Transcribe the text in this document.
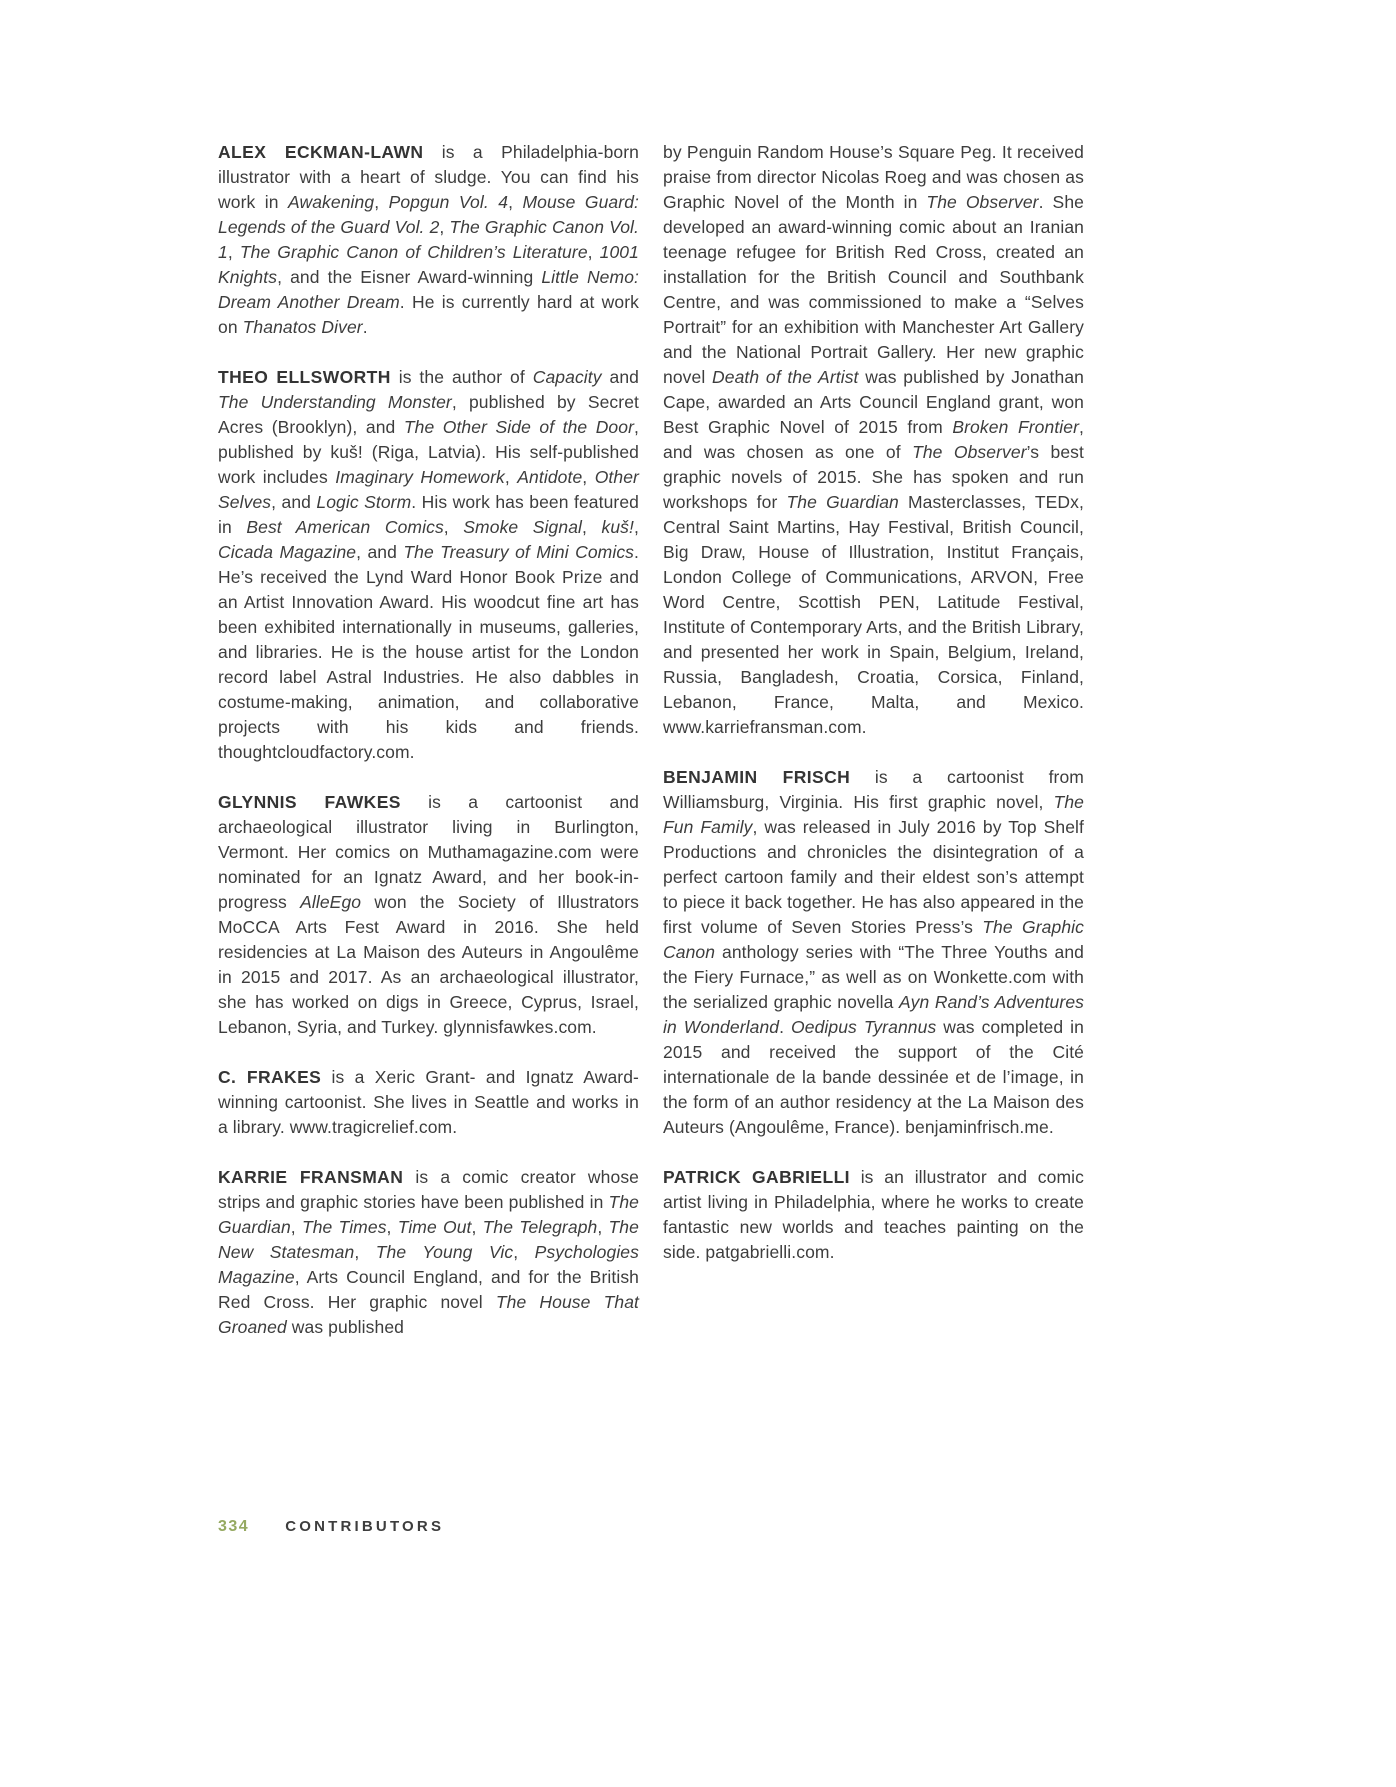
ALEX ECKMAN-LAWN is a Philadelphia-born illustrator with a heart of sludge. You can find his work in Awakening, Popgun Vol. 4, Mouse Guard: Legends of the Guard Vol. 2, The Graphic Canon Vol. 1, The Graphic Canon of Children’s Literature, 1001 Knights, and the Eisner Award-winning Little Nemo: Dream Another Dream. He is currently hard at work on Thanatos Diver.

THEO ELLSWORTH is the author of Capacity and The Understanding Monster, published by Secret Acres (Brooklyn), and The Other Side of the Door, published by kuš! (Riga, Latvia). His self-published work includes Imaginary Homework, Antidote, Other Selves, and Logic Storm. His work has been featured in Best American Comics, Smoke Signal, kuš!, Cicada Magazine, and The Treasury of Mini Comics. He’s received the Lynd Ward Honor Book Prize and an Artist Innovation Award. His woodcut fine art has been exhibited internationally in museums, galleries, and libraries. He is the house artist for the London record label Astral Industries. He also dabbles in costume-making, animation, and collaborative projects with his kids and friends. thoughtcloudfactory.com.

GLYNNIS FAWKES is a cartoonist and archaeological illustrator living in Burlington, Vermont. Her comics on Muthamagazine.com were nominated for an Ignatz Award, and her book-in-progress AlleEgo won the Society of Illustrators MoCCA Arts Fest Award in 2016. She held residencies at La Maison des Auteurs in Angoulême in 2015 and 2017. As an archaeological illustrator, she has worked on digs in Greece, Cyprus, Israel, Lebanon, Syria, and Turkey. glynnisfawkes.com.

C. FRAKES is a Xeric Grant- and Ignatz Award-winning cartoonist. She lives in Seattle and works in a library. www.tragicrelief.com.

KARRIE FRANSMAN is a comic creator whose strips and graphic stories have been published in The Guardian, The Times, Time Out, The Telegraph, The New Statesman, The Young Vic, Psychologies Magazine, Arts Council England, and for the British Red Cross. Her graphic novel The House That Groaned was published

by Penguin Random House’s Square Peg. It received praise from director Nicolas Roeg and was chosen as Graphic Novel of the Month in The Observer. She developed an award-winning comic about an Iranian teenage refugee for British Red Cross, created an installation for the British Council and Southbank Centre, and was commissioned to make a “Selves Portrait” for an exhibition with Manchester Art Gallery and the National Portrait Gallery. Her new graphic novel Death of the Artist was published by Jonathan Cape, awarded an Arts Council England grant, won Best Graphic Novel of 2015 from Broken Frontier, and was chosen as one of The Observer’s best graphic novels of 2015. She has spoken and run workshops for The Guardian Masterclasses, TEDx, Central Saint Martins, Hay Festival, British Council, Big Draw, House of Illustration, Institut Français, London College of Communications, ARVON, Free Word Centre, Scottish PEN, Latitude Festival, Institute of Contemporary Arts, and the British Library, and presented her work in Spain, Belgium, Ireland, Russia, Bangladesh, Croatia, Corsica, Finland, Lebanon, France, Malta, and Mexico. www.karriefransman.com.

BENJAMIN FRISCH is a cartoonist from Williamsburg, Virginia. His first graphic novel, The Fun Family, was released in July 2016 by Top Shelf Productions and chronicles the disintegration of a perfect cartoon family and their eldest son’s attempt to piece it back together. He has also appeared in the first volume of Seven Stories Press’s The Graphic Canon anthology series with “The Three Youths and the Fiery Furnace,” as well as on Wonkette.com with the serialized graphic novella Ayn Rand’s Adventures in Wonderland. Oedipus Tyrannus was completed in 2015 and received the support of the Cité internationale de la bande dessinée et de l’image, in the form of an author residency at the La Maison des Auteurs (Angoulême, France). benjaminfrisch.me.

PATRICK GABRIELLI is an illustrator and comic artist living in Philadelphia, where he works to create fantastic new worlds and teaches painting on the side. patgabrielli.com.

334 CONTRIBUTORS
